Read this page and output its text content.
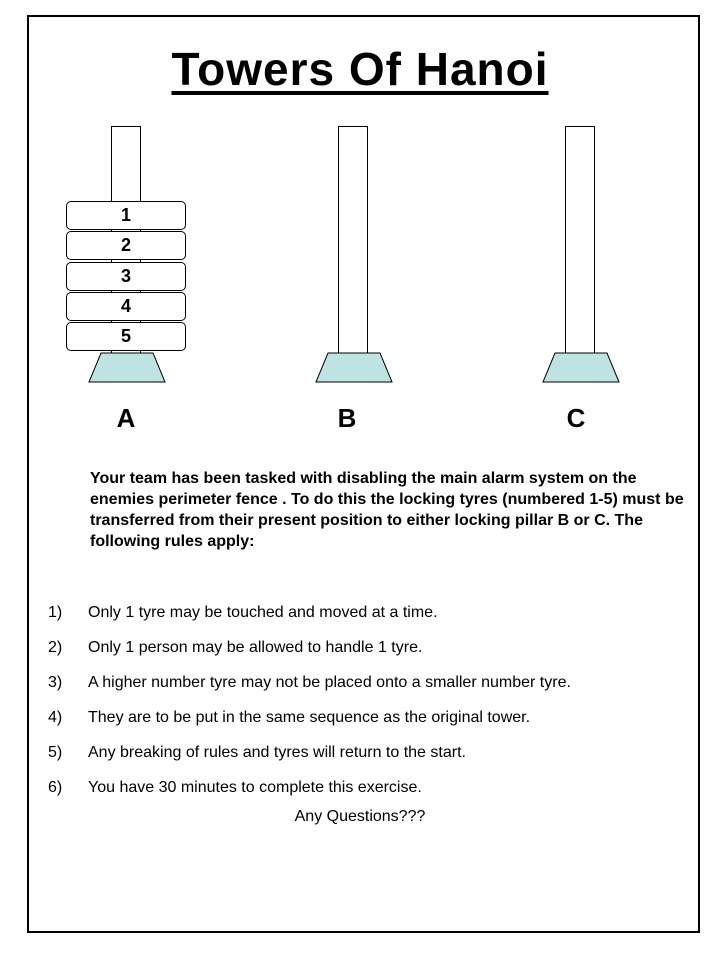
Towers Of Hanoi
1
2
3
4
5
A	B	C

Your team has been tasked with disabling the main alarm system on the enemies perimeter fence . To do this the locking tyres (numbered 1-5) must be transferred from their present position to either locking pillar B or C. The following rules apply:

1)	Only 1 tyre may be touched and moved at a time.
2)	Only 1 person may be allowed to handle 1 tyre.
3)	A higher number tyre may not be placed onto a smaller number tyre.
4)	They are to be put in the same sequence as the original tower.
5)	Any breaking of rules and tyres will return to the start.
6)	You have 30 minutes to complete this exercise.
Any Questions???
